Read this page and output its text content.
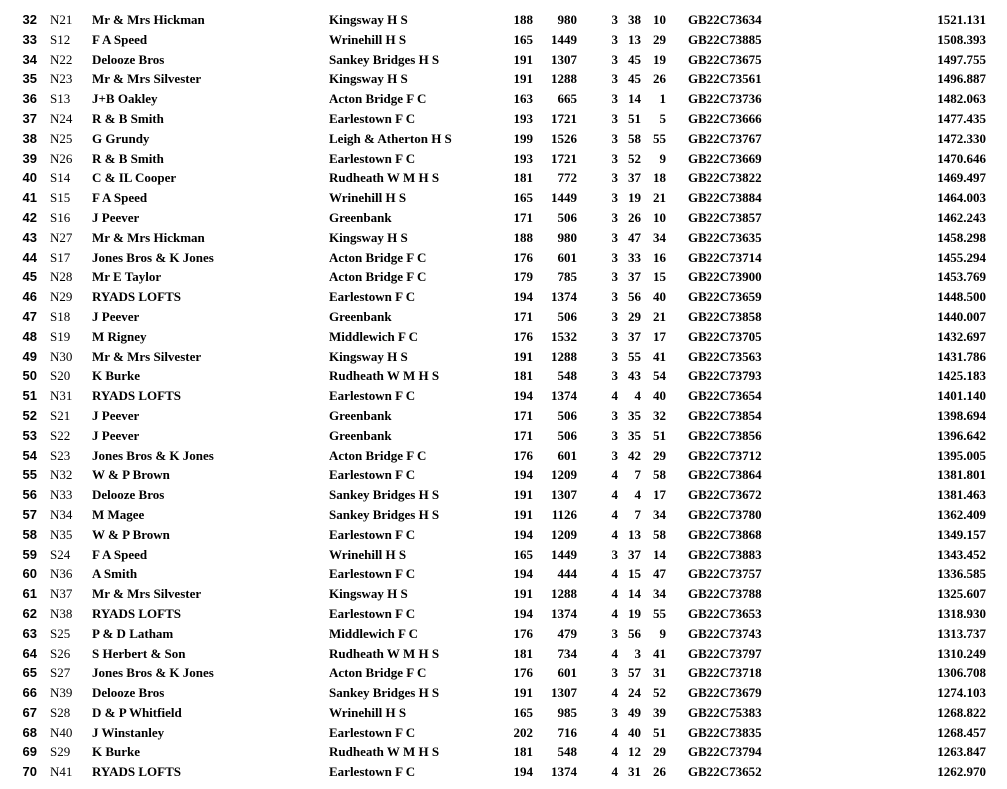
32 N21 Mr & Mrs Hickman	Kingsway H S	188	980	3 38 10 GB22C73634	1521.131
33 S12 F A Speed	Wrinehill H S	165	1449	3 13 29 GB22C73885	1508.393
34 N22 Delooze Bros	Sankey Bridges H S	191	1307	3 45 19 GB22C73675	1497.755
35 N23 Mr & Mrs Silvester	Kingsway H S	191	1288	3 45 26 GB22C73561	1496.887
36 S13 J+B Oakley	Acton Bridge F C	163	665	3 14	1 GB22C73736	1482.063
37 N24 R & B Smith	Earlestown F C	193	1721	3 51	5 GB22C73666	1477.435
38 N25 G Grundy	Leigh & Atherton H S	199	1526	3 58 55 GB22C73767	1472.330
39 N26 R & B Smith	Earlestown F C	193	1721	3 52	9 GB22C73669	1470.646
40 S14 C & IL Cooper	Rudheath W M H S	181	772	3 37 18 GB22C73822	1469.497
41 S15 F A Speed	Wrinehill H S	165	1449	3 19 21 GB22C73884	1464.003
42 S16 J Peever	Greenbank	171	506	3 26 10 GB22C73857	1462.243
43 N27 Mr & Mrs Hickman	Kingsway H S	188	980	3 47 34 GB22C73635	1458.298
44 S17 Jones Bros & K Jones	Acton Bridge F C	176	601	3 33 16 GB22C73714	1455.294
45 N28 Mr E Taylor	Acton Bridge F C	179	785	3 37 15 GB22C73900	1453.769
46 N29 RYADS LOFTS	Earlestown F C	194	1374	3 56 40 GB22C73659	1448.500
47 S18 J Peever	Greenbank	171	506	3 29 21 GB22C73858	1440.007
48 S19 M Rigney	Middlewich F C	176	1532	3 37 17 GB22C73705	1432.697
49 N30 Mr & Mrs Silvester	Kingsway H S	191	1288	3 55 41 GB22C73563	1431.786
50 S20 K Burke	Rudheath W M H S	181	548	3 43 54 GB22C73793	1425.183
51 N31 RYADS LOFTS	Earlestown F C	194	1374	4	4 40 GB22C73654	1401.140
52 S21 J Peever	Greenbank	171	506	3 35 32 GB22C73854	1398.694
53 S22 J Peever	Greenbank	171	506	3 35 51 GB22C73856	1396.642
54 S23 Jones Bros & K Jones	Acton Bridge F C	176	601	3 42 29 GB22C73712	1395.005
55 N32 W & P Brown	Earlestown F C	194	1209	4	7 58 GB22C73864	1381.801
56 N33 Delooze Bros	Sankey Bridges H S	191	1307	4	4 17 GB22C73672	1381.463
57 N34 M Magee	Sankey Bridges H S	191	1126	4	7 34 GB22C73780	1362.409
58 N35 W & P Brown	Earlestown F C	194	1209	4 13 58 GB22C73868	1349.157
59 S24 F A Speed	Wrinehill H S	165	1449	3 37 14 GB22C73883	1343.452
60 N36 A Smith	Earlestown F C	194	444	4 15 47 GB22C73757	1336.585
61 N37 Mr & Mrs Silvester	Kingsway H S	191	1288	4 14 34 GB22C73788	1325.607
62 N38 RYADS LOFTS	Earlestown F C	194	1374	4 19 55 GB22C73653	1318.930
63 S25 P & D Latham	Middlewich F C	176	479	3 56	9 GB22C73743	1313.737
64 S26 S Herbert & Son	Rudheath W M H S	181	734	4	3 41 GB22C73797	1310.249
65 S27 Jones Bros & K Jones	Acton Bridge F C	176	601	3 57 31 GB22C73718	1306.708
66 N39 Delooze Bros	Sankey Bridges H S	191	1307	4 24 52 GB22C73679	1274.103
67 S28 D & P Whitfield	Wrinehill H S	165	985	3 49 39 GB22C75383	1268.822
68 N40 J Winstanley	Earlestown F C	202	716	4 40 51 GB22C73835	1268.457
69 S29 K Burke	Rudheath W M H S	181	548	4 12 29 GB22C73794	1263.847
70 N41 RYADS LOFTS	Earlestown F C	194	1374	4 31 26 GB22C73652	1262.970
